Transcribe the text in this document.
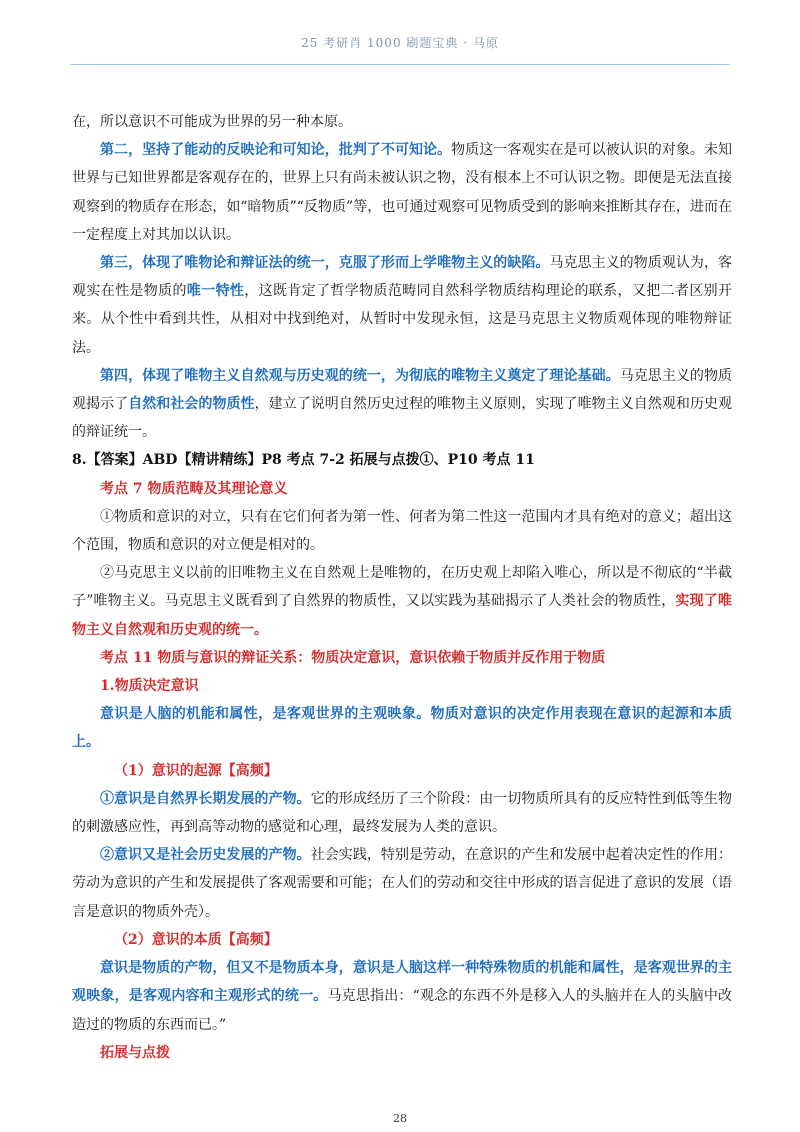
25 考研肖 1000 刷题宝典 · 马原

在，所以意识不可能成为世界的另一种本原。

第二，坚持了能动的反映论和可知论，批判了不可知论。物质这一客观实在是可以被认识的对象。未知世界与已知世界都是客观存在的，世界上只有尚未被认识之物，没有根本上不可认识之物。即便是无法直接观察到的物质存在形态，如“暗物质”“反物质”等，也可通过观察可见物质受到的影响来推断其存在，进而在一定程度上对其加以认识。

第三，体现了唯物论和辩证法的统一，克服了形而上学唯物主义的缺陷。马克思主义的物质观认为，客观实在性是物质的唯一特性，这既肯定了哲学物质范畴同自然科学物质结构理论的联系，又把二者区别开来。从个性中看到共性，从相对中找到绝对，从暂时中发现永恒，这是马克思主义物质观体现的唯物辩证法。

第四，体现了唯物主义自然观与历史观的统一，为彻底的唯物主义奠定了理论基础。马克思主义的物质观揭示了自然和社会的物质性，建立了说明自然历史过程的唯物主义原则，实现了唯物主义自然观和历史观的辩证统一。

8.【答案】ABD【精讲精练】P8 考点 7-2 拓展与点拨①、P10 考点 11

考点 7 物质范畴及其理论意义

①物质和意识的对立，只有在它们何者为第一性、何者为第二性这一范围内才具有绝对的意义；超出这个范围，物质和意识的对立便是相对的。

②马克思主义以前的旧唯物主义在自然观上是唯物的，在历史观上却陷入唯心，所以是不彻底的“半截子”唯物主义。马克思主义既看到了自然界的物质性，又以实践为基础揭示了人类社会的物质性，实现了唯物主义自然观和历史观的统一。

考点 11 物质与意识的辩证关系：物质决定意识，意识依赖于物质并反作用于物质

1.物质决定意识

意识是人脑的机能和属性，是客观世界的主观映象。物质对意识的决定作用表现在意识的起源和本质上。

（1）意识的起源【高频】

①意识是自然界长期发展的产物。它的形成经历了三个阶段：由一切物质所具有的反应特性到低等生物的刺激感应性，再到高等动物的感觉和心理，最终发展为人类的意识。

②意识又是社会历史发展的产物。社会实践，特别是劳动，在意识的产生和发展中起着决定性的作用：劳动为意识的产生和发展提供了客观需要和可能；在人们的劳动和交往中形成的语言促进了意识的发展（语言是意识的物质外壳）。

（2）意识的本质【高频】

意识是物质的产物，但又不是物质本身，意识是人脑这样一种特殊物质的机能和属性，是客观世界的主观映象，是客观内容和主观形式的统一。马克思指出：“观念的东西不外是移入人的头脑并在人的头脑中改造过的物质的东西而已。”

拓展与点拨

28
